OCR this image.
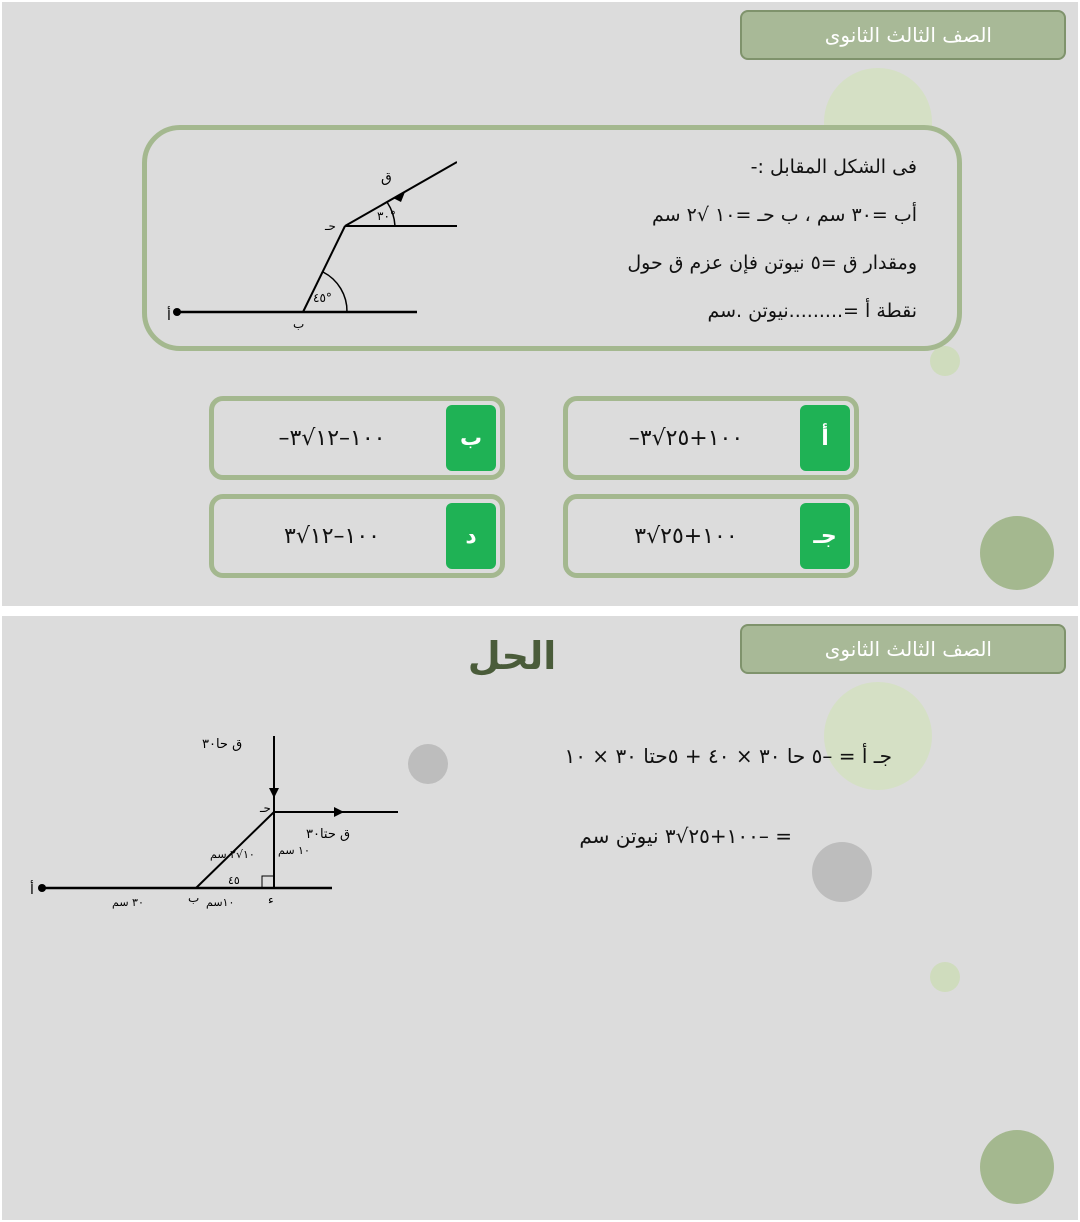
الصف الثالث الثانوى
فى الشكل المقابل :-
أب =٣٠ سم ، ب حـ =١٠ √٢ سم
ومقدار ق =٥ نيوتن فإن عزم ق حول
نقطة أ =.........نيوتن .سم
٣٠°
٤٥°
ق
أ	ب
حـ
أ
–١٠٠+٢٥√٣
ب
–١٠٠–١٢√٣
جـ
١٠٠+٢٥√٣
د
١٠٠–١٢√٣
الصف الثالث الثانوى
الحل
ق حا٣٠
ق حتا٣٠
١٠√٢ سم ١٠ سم
٤٥
٣٠ سم	١٠سم
أ	ب
حـ
ء
جـ أ = –٥ حا ٣٠ × ٤٠ + ٥حتا ٣٠ × ١٠
= –١٠٠+٢٥√٣ نيوتن سم
